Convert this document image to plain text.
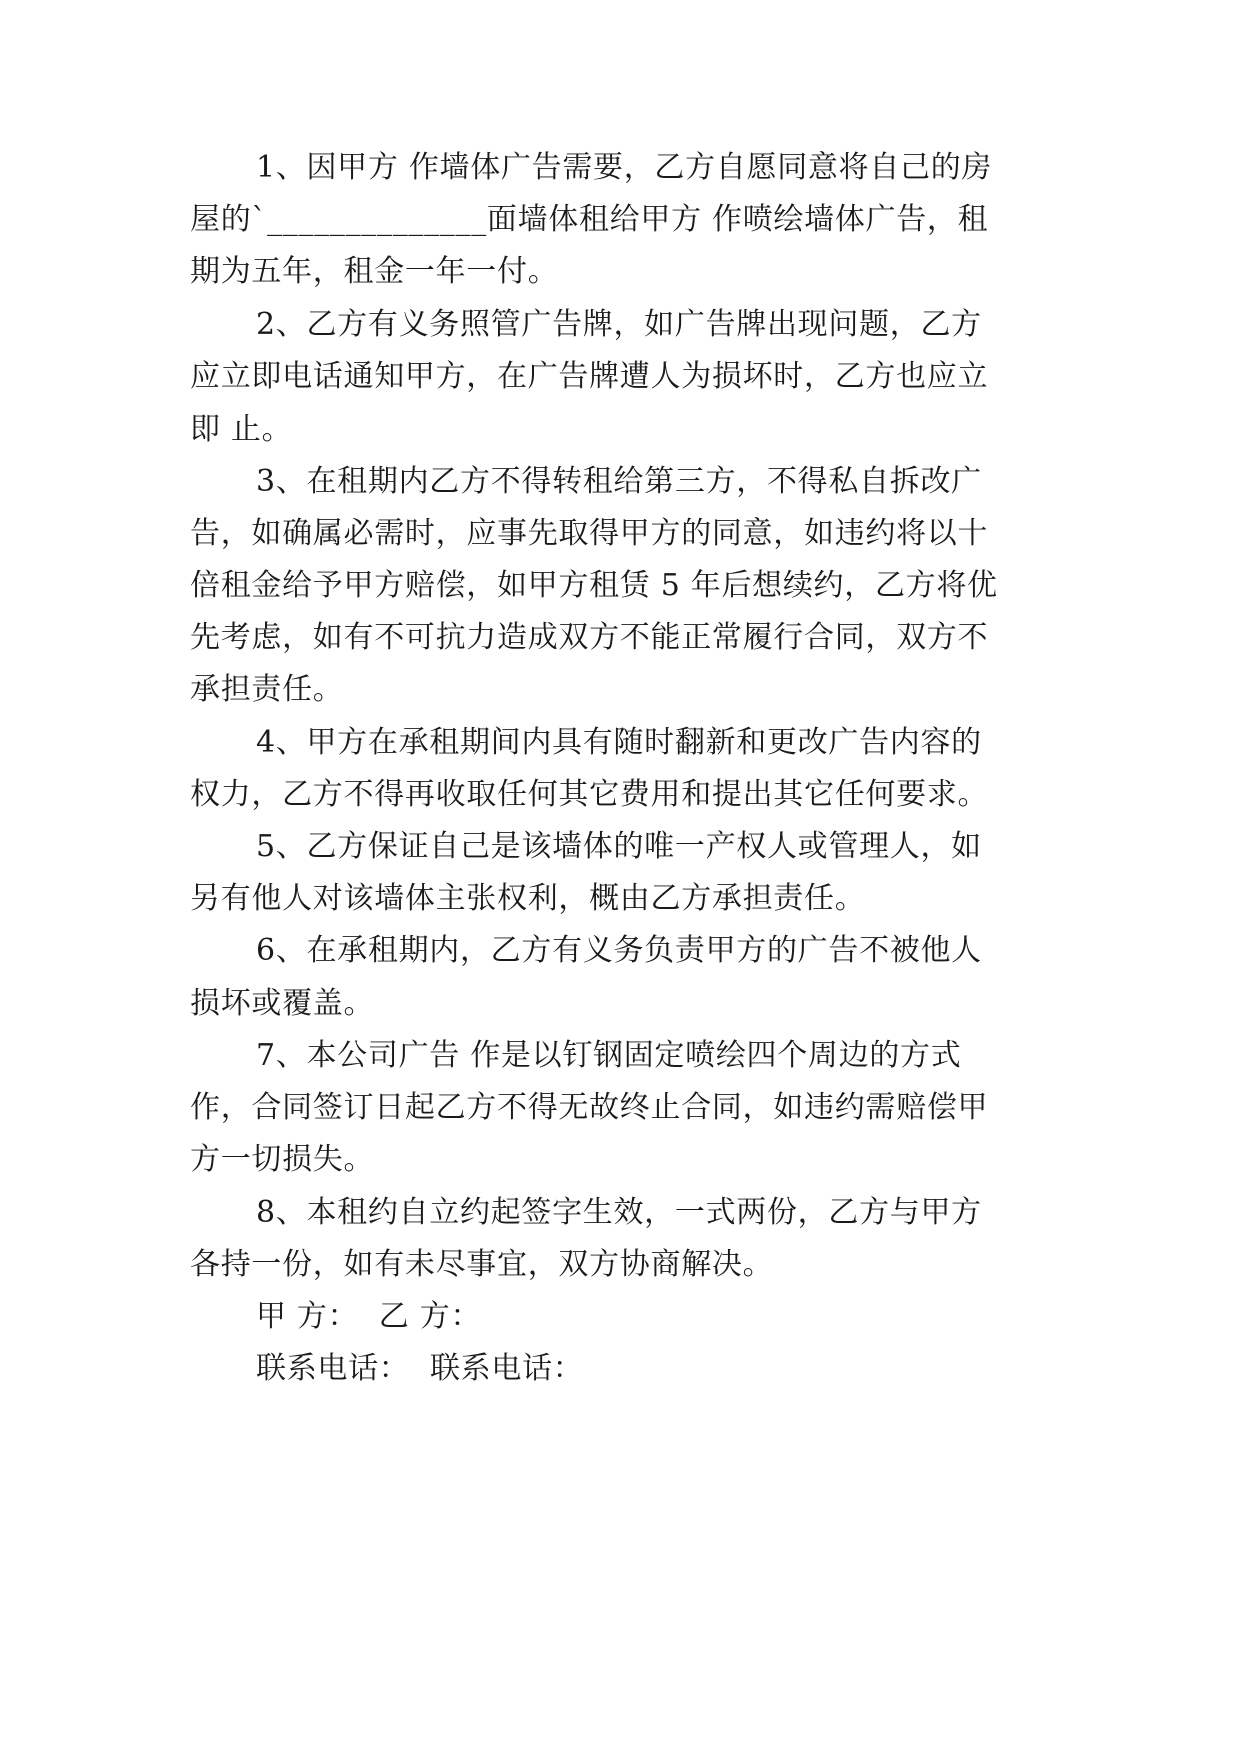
1、因甲方 作墙体广告需要，乙方自愿同意将自己的房
屋的`______________面墙体租给甲方 作喷绘墙体广告，租
期为五年，租金一年一付。
2、乙方有义务照管广告牌，如广告牌出现问题，乙方
应立即电话通知甲方，在广告牌遭人为损坏时，乙方也应立
即 止。
3、在租期内乙方不得转租给第三方，不得私自拆改广
告，如确属必需时，应事先取得甲方的同意，如违约将以十
倍租金给予甲方赔偿，如甲方租赁 5 年后想续约，乙方将优
先考虑，如有不可抗力造成双方不能正常履行合同，双方不
承担责任。
4、甲方在承租期间内具有随时翻新和更改广告内容的
权力，乙方不得再收取任何其它费用和提出其它任何要求。
5、乙方保证自己是该墙体的唯一产权人或管理人，如
另有他人对该墙体主张权利，概由乙方承担责任。
6、在承租期内，乙方有义务负责甲方的广告不被他人
损坏或覆盖。
7、本公司广告 作是以钉钢固定喷绘四个周边的方式
作，合同签订日起乙方不得无故终止合同，如违约需赔偿甲
方一切损失。
8、本租约自立约起签字生效，一式两份，乙方与甲方
各持一份，如有未尽事宜，双方协商解决。
甲 方：  乙 方：
联系电话：  联系电话：
